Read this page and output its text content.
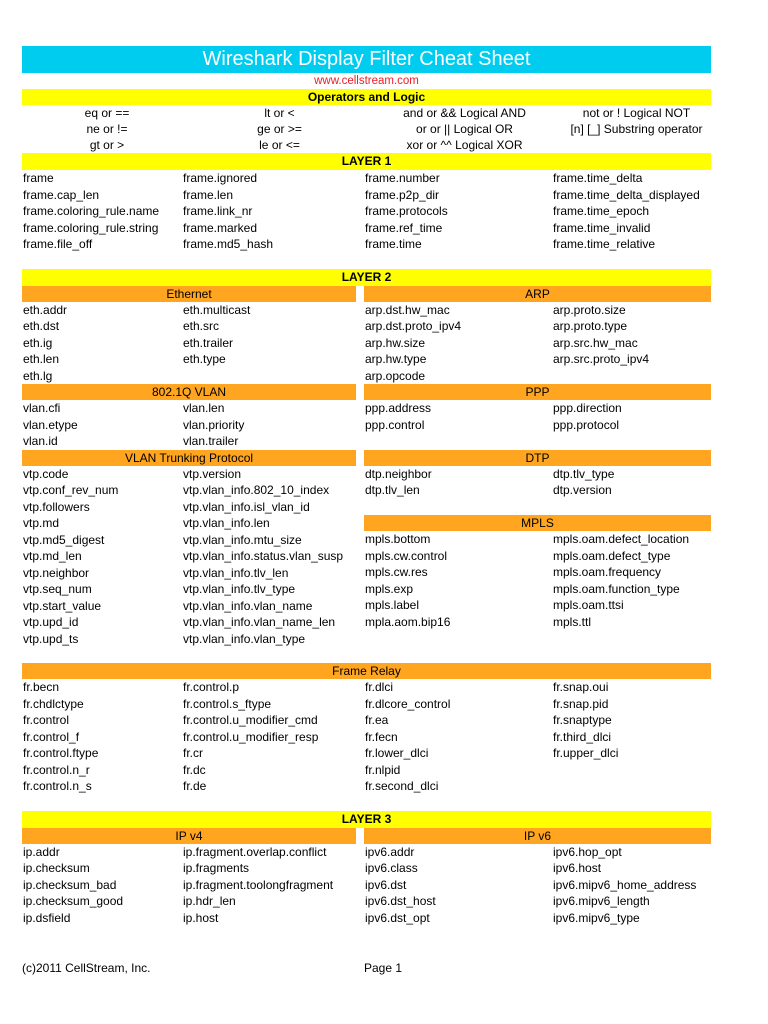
Wireshark Display Filter Cheat Sheet
www.cellstream.com
Operators and Logic
eq or ==	lt or <	and or && Logical AND	not or ! Logical NOT
ne or !=	ge or >=	or or || Logical OR	[n] [_] Substring operator
gt or >	le or <=	xor or ^^ Logical XOR
LAYER 1
frame	frame.ignored	frame.number	frame.time_delta
frame.cap_len	frame.len	frame.p2p_dir	frame.time_delta_displayed
frame.coloring_rule.name	frame.link_nr	frame.protocols	frame.time_epoch
frame.coloring_rule.string	frame.marked	frame.ref_time	frame.time_invalid
frame.file_off	frame.md5_hash	frame.time	frame.time_relative
LAYER 2
Ethernet
eth.addr	eth.multicast
eth.dst	eth.src
eth.ig	eth.trailer
eth.len	eth.type
eth.lg
ARP
arp.dst.hw_mac	arp.proto.size
arp.dst.proto_ipv4	arp.proto.type
arp.hw.size	arp.src.hw_mac
arp.hw.type	arp.src.proto_ipv4
arp.opcode
802.1Q VLAN
vlan.cfi	vlan.len
vlan.etype	vlan.priority
vlan.id	vlan.trailer
PPP
ppp.address	ppp.direction
ppp.control	ppp.protocol
VLAN Trunking Protocol
vtp.code	vtp.version
vtp.conf_rev_num	vtp.vlan_info.802_10_index
vtp.followers	vtp.vlan_info.isl_vlan_id
vtp.md	vtp.vlan_info.len
vtp.md5_digest	vtp.vlan_info.mtu_size
vtp.md_len	vtp.vlan_info.status.vlan_susp
vtp.neighbor	vtp.vlan_info.tlv_len
vtp.seq_num	vtp.vlan_info.tlv_type
vtp.start_value	vtp.vlan_info.vlan_name
vtp.upd_id	vtp.vlan_info.vlan_name_len
vtp.upd_ts	vtp.vlan_info.vlan_type
DTP
dtp.neighbor	dtp.tlv_type
dtp.tlv_len	dtp.version
MPLS
mpls.bottom	mpls.oam.defect_location
mpls.cw.control	mpls.oam.defect_type
mpls.cw.res	mpls.oam.frequency
mpls.exp	mpls.oam.function_type
mpls.label	mpls.oam.ttsi
mpla.aom.bip16	mpls.ttl
Frame Relay
fr.becn	fr.control.p	fr.dlci	fr.snap.oui
fr.chdlctype	fr.control.s_ftype	fr.dlcore_control	fr.snap.pid
fr.control	fr.control.u_modifier_cmd	fr.ea	fr.snaptype
fr.control_f	fr.control.u_modifier_resp	fr.fecn	fr.third_dlci
fr.control.ftype	fr.cr	fr.lower_dlci	fr.upper_dlci
fr.control.n_r	fr.dc	fr.nlpid
fr.control.n_s	fr.de	fr.second_dlci
LAYER 3
IP v4
ip.addr	ip.fragment.overlap.conflict
ip.checksum	ip.fragments
ip.checksum_bad	ip.fragment.toolongfragment
ip.checksum_good	ip.hdr_len
ip.dsfield	ip.host
IP v6
ipv6.addr	ipv6.hop_opt
ipv6.class	ipv6.host
ipv6.dst	ipv6.mipv6_home_address
ipv6.dst_host	ipv6.mipv6_length
ipv6.dst_opt	ipv6.mipv6_type
(c)2011 CellStream, Inc.	Page 1
